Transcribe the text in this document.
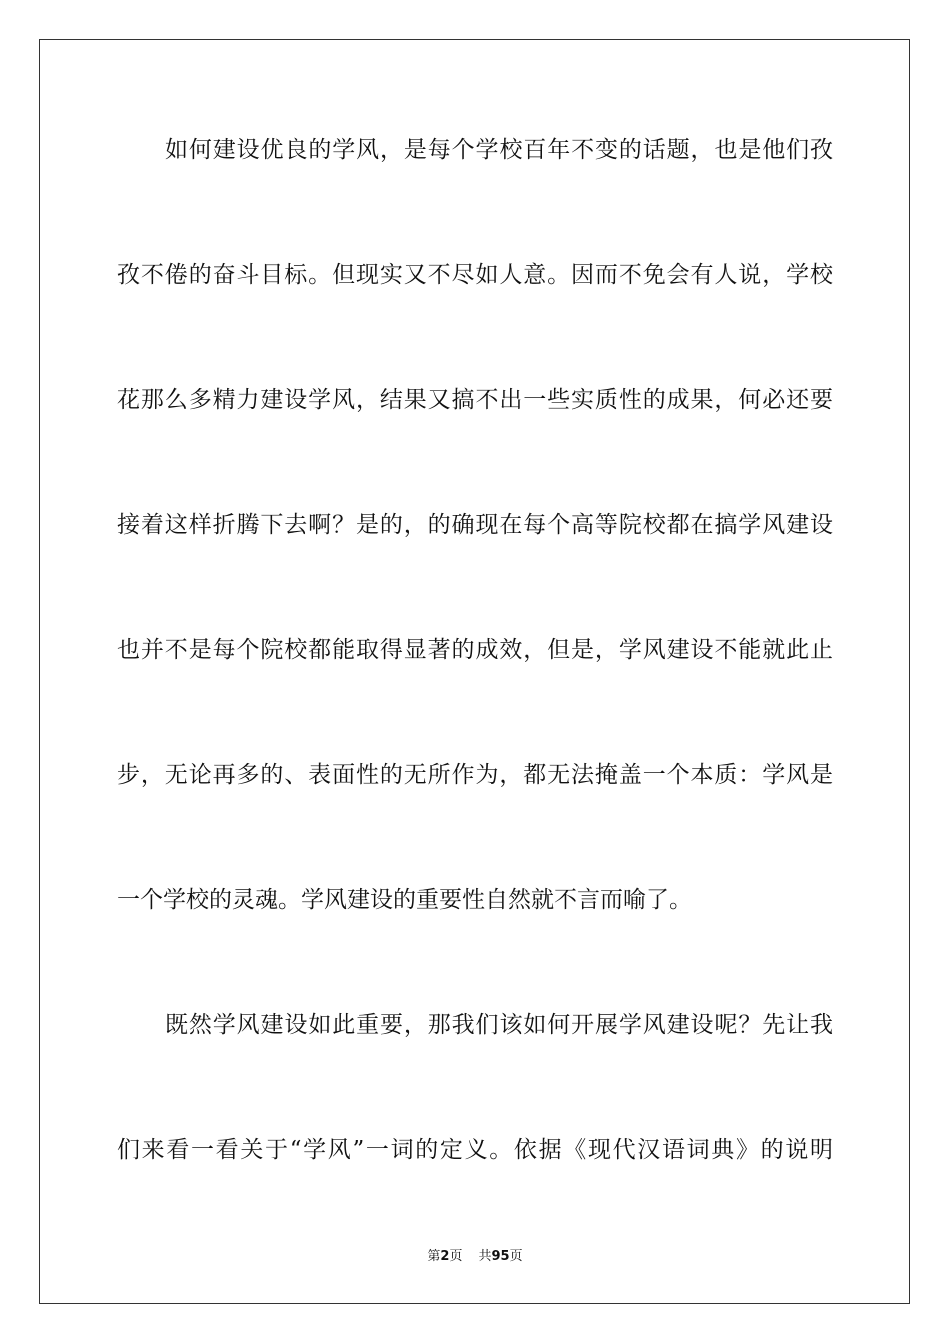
如何建设优良的学风，是每个学校百年不变的话题，也是他们孜
孜不倦的奋斗目标。但现实又不尽如人意。因而不免会有人说，学校
花那么多精力建设学风，结果又搞不出一些实质性的成果，何必还要
接着这样折腾下去啊？是的，的确现在每个高等院校都在搞学风建设
也并不是每个院校都能取得显著的成效，但是，学风建设不能就此止
步，无论再多的、表面性的无所作为，都无法掩盖一个本质：学风是
一个学校的灵魂。学风建设的重要性自然就不言而喻了。
既然学风建设如此重要，那我们该如何开展学风建设呢？先让我
们来看一看关于“学风”一词的定义。依据《现代汉语词典》的说明
第2页 共95页
